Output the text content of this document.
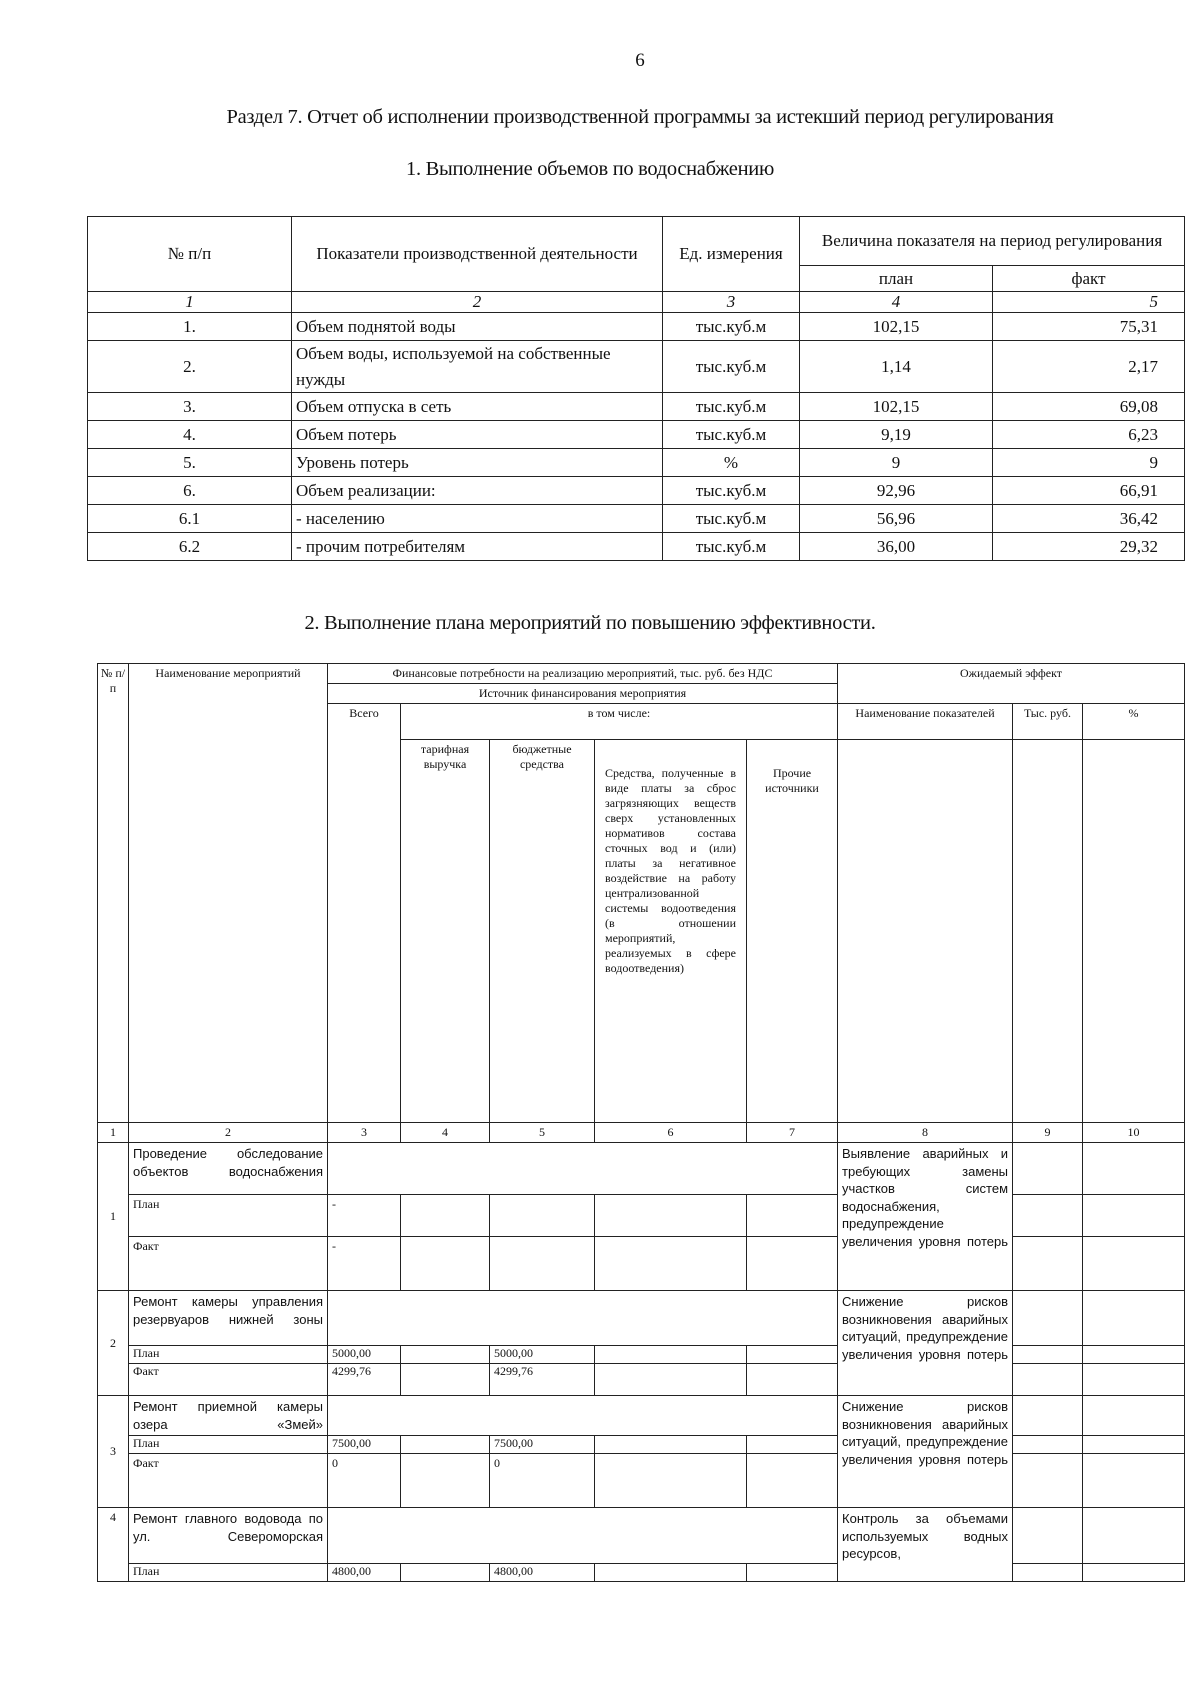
6
Раздел 7. Отчет об исполнении производственной программы за истекший период регулирования
1. Выполнение объемов по водоснабжению
№ п/п	Показатели производственной деятельности	Ед. измерения	Величина показателя на период регулирования	
			план	факт
1	2	3	4	5
1.	Объем поднятой воды	тыс.куб.м	102,15	75,31
2.	Объем воды, используемой на собственные нужды	тыс.куб.м	1,14	2,17
3.	Объем отпуска в сеть	тыс.куб.м	102,15	69,08
4.	Объем потерь	тыс.куб.м	9,19	6,23
5.	Уровень потерь	%	9	9
6.	Объем реализации:	тыс.куб.м	92,96	66,91
6.1	- населению	тыс.куб.м	56,96	36,42
6.2	- прочим потребителям	тыс.куб.м	36,00	29,32
2. Выполнение плана мероприятий по повышению эффективности.
№ п/п	Наименование мероприятий	Финансовые потребности на реализацию мероприятий, тыс. руб. без НДС					Ожидаемый эффект		
		Источник финансирования мероприятия							
		Всего	в том числе:				Наименование показателей	Тыс. руб.	%
			тарифная выручка	бюджетные средства	Средства, полученные в виде платы за сброс загрязняющих веществ сверх установленных нормативов состава сточных вод и (или) платы за негативное воздействие на работу централизованной системы водоотведения (в отношении мероприятий, реализуемых в сфере водоотведения)	Прочие источники			
1	2	3	4	5	6	7	8	9	10
1	Проведение обследование объектов водоснабжения						Выявление аварийных и требующих замены участков систем водоснабжения, предупреждение увеличения уровня потерь		
	План	-							
	Факт	-							
2	Ремонт камеры управления резервуаров нижней зоны						Снижение рисков возникновения аварийных ситуаций, предупреждение увеличения уровня потерь		
	План	5000,00		5000,00					
	Факт	4299,76		4299,76					
3	Ремонт приемной камеры озера «Змей»						Снижение рисков возникновения аварийных ситуаций, предупреждение увеличения уровня потерь		
	План	7500,00		7500,00					
	Факт	0		0					
4	Ремонт главного водовода по ул. Североморская						Контроль за объемами используемых водных ресурсов,		
	План	4800,00		4800,00					
